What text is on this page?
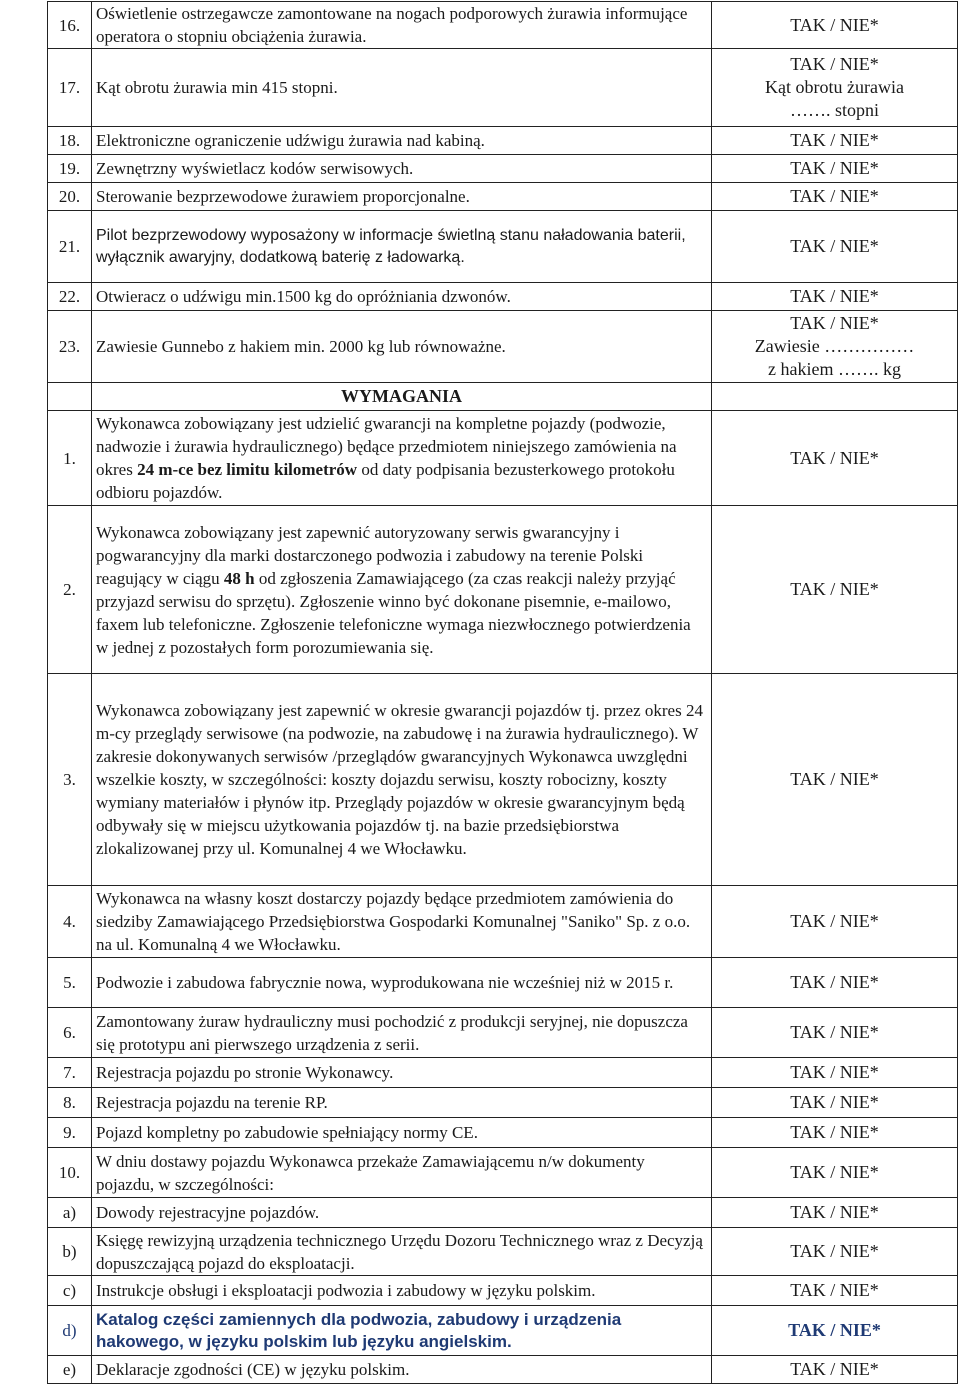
16.	Oświetlenie ostrzegawcze zamontowane na nogach podporowych żurawia informujące operatora o stopniu obciążenia żurawia.	TAK / NIE*

17.	Kąt obrotu żurawia min 415 stopni.	TAK / NIE*
Kąt obrotu żurawia
……. stopni

18.	Elektroniczne ograniczenie udźwigu żurawia nad kabiną.	TAK / NIE*

19.	Zewnętrzny wyświetlacz kodów serwisowych.	TAK / NIE*

20.	Sterowanie bezprzewodowe żurawiem proporcjonalne.	TAK / NIE*

21.	Pilot bezprzewodowy wyposażony w informacje świetlną stanu naładowania baterii, wyłącznik awaryjny, dodatkową baterię z ładowarką.	TAK / NIE*

22.	Otwieracz o udźwigu min.1500 kg do opróżniania dzwonów.	TAK / NIE*

23.	Zawiesie Gunnebo z hakiem min. 2000 kg lub równoważne.	TAK / NIE*
Zawiesie ……………
z hakiem ……. kg

	WYMAGANIA	
1.	Wykonawca zobowiązany jest udzielić gwarancji na kompletne pojazdy (podwozie, nadwozie i żurawia hydraulicznego) będące przedmiotem niniejszego zamówienia na okres 24 m-ce bez limitu kilometrów od daty podpisania bezusterkowego protokołu odbioru pojazdów.	TAK / NIE*
2.	Wykonawca zobowiązany jest zapewnić autoryzowany serwis gwarancyjny i pogwarancyjny dla marki dostarczonego podwozia i zabudowy na terenie Polski reagujący w ciągu 48 h od zgłoszenia Zamawiającego (za czas reakcji należy przyjąć przyjazd serwisu do sprzętu). Zgłoszenie winno być dokonane pisemnie, e-mailowo, faxem lub telefoniczne. Zgłoszenie telefoniczne wymaga niezwłocznego potwierdzenia w jednej z pozostałych form porozumiewania się.	TAK / NIE*
3.	Wykonawca zobowiązany jest zapewnić w okresie gwarancji pojazdów tj. przez okres 24 m-cy przeglądy serwisowe (na podwozie, na zabudowę i na żurawia hydraulicznego). W zakresie dokonywanych serwisów /przeglądów gwarancyjnych Wykonawca uwzględni wszelkie koszty, w szczególności: koszty dojazdu serwisu, koszty robocizny, koszty wymiany materiałów i płynów itp. Przeglądy pojazdów w okresie gwarancyjnym będą odbywały się w miejscu użytkowania pojazdów tj. na bazie przedsiębiorstwa zlokalizowanej przy ul. Komunalnej 4 we Włocławku.	TAK / NIE*
4.	Wykonawca na własny koszt dostarczy pojazdy będące przedmiotem zamówienia do siedziby Zamawiającego Przedsiębiorstwa Gospodarki Komunalnej "Saniko" Sp. z o.o. na ul. Komunalną 4 we Włocławku.	TAK / NIE*
5.	Podwozie i zabudowa fabrycznie nowa, wyprodukowana nie wcześniej niż w 2015 r.	TAK / NIE*
6.	Zamontowany żuraw hydrauliczny musi pochodzić z produkcji seryjnej, nie dopuszcza się prototypu ani pierwszego urządzenia z serii.	TAK / NIE*
7.	Rejestracja pojazdu po stronie Wykonawcy.	TAK / NIE*
8.	Rejestracja pojazdu na terenie RP.	TAK / NIE*
9.	Pojazd kompletny po zabudowie spełniający normy CE.	TAK / NIE*
10.	W dniu dostawy pojazdu Wykonawca przekaże Zamawiającemu n/w dokumenty pojazdu, w szczególności:	TAK / NIE*
a)	Dowody rejestracyjne pojazdów.	TAK / NIE*
b)	Księgę rewizyjną urządzenia technicznego Urzędu Dozoru Technicznego wraz z Decyzją dopuszczającą pojazd do eksploatacji.	TAK / NIE*
c)	Instrukcje obsługi i eksploatacji podwozia i zabudowy w języku polskim.	TAK / NIE*
d)	Katalog części zamiennych dla podwozia, zabudowy i urządzenia hakowego, w języku polskim lub języku angielskim.	TAK / NIE*
e)	Deklaracje zgodności (CE) w języku polskim.	TAK / NIE*
